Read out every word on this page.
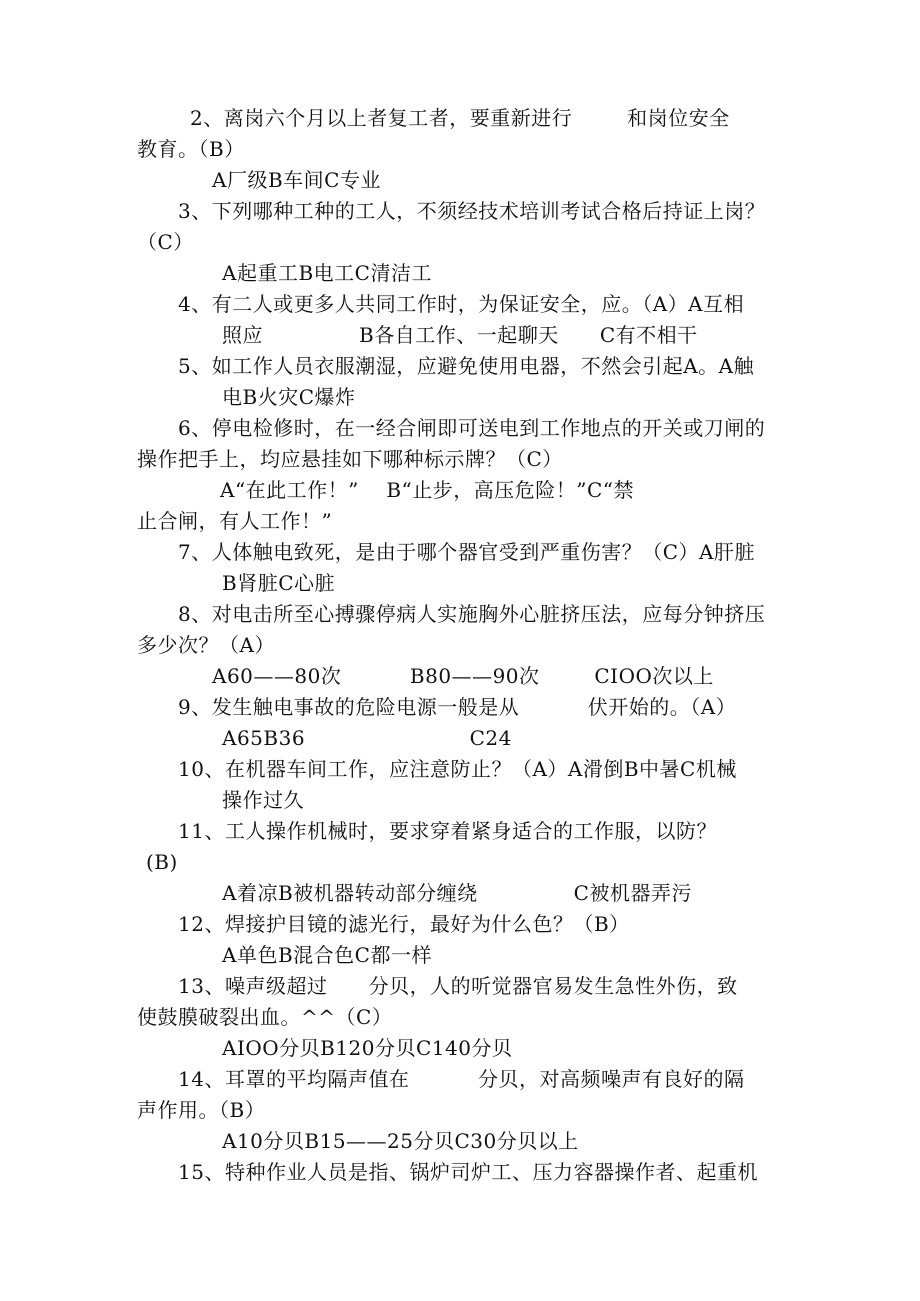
2、离岗六个月以上者复工者，要重新进行        和岗位安全
教育。（B）
A厂级B车间C专业
3、下列哪种工种的工人，不须经技术培训考试合格后持证上岗？
（C）
A起重工B电工C清洁工
4、有二人或更多人共同工作时，为保证安全，应。（A）A互相
照应              B各自工作、一起聊天      C有不相干
5、如工作人员衣服潮湿，应避免使用电器，不然会引起A。A触
电B火灾C爆炸
6、停电检修时，在一经合闸即可送电到工作地点的开关或刀闸的
操作把手上，均应悬挂如下哪种标示牌？（C）
A“在此工作！”    B“止步，高压危险！”C“禁
止合闸，有人工作！”
7、人体触电致死，是由于哪个器官受到严重伤害？（C）A肝脏
B肾脏C心脏
8、对电击所至心搏骤停病人实施胸外心脏挤压法，应每分钟挤压
多少次？（A）
A60——80次          B80——90次        CIOO次以上
9、发生触电事故的危险电源一般是从          伏开始的。（A）
A65B36                        C24
10、在机器车间工作，应注意防止？（A）A滑倒B中暑C机械
操作过久
11、工人操作机械时，要求穿着紧身适合的工作服，以防？
(B)
A着凉B被机器转动部分缠绕              C被机器弄污
12、焊接护目镜的滤光行，最好为什么色？（B）
A单色B混合色C都一样
13、噪声级超过      分贝，人的听觉器官易发生急性外伤，致
使鼓膜破裂出血。^^（C）
AIOO分贝B120分贝C140分贝
14、耳罩的平均隔声值在          分贝，对高频噪声有良好的隔
声作用。（B）
A10分贝B15——25分贝C30分贝以上
15、特种作业人员是指、锅炉司炉工、压力容器操作者、起重机
